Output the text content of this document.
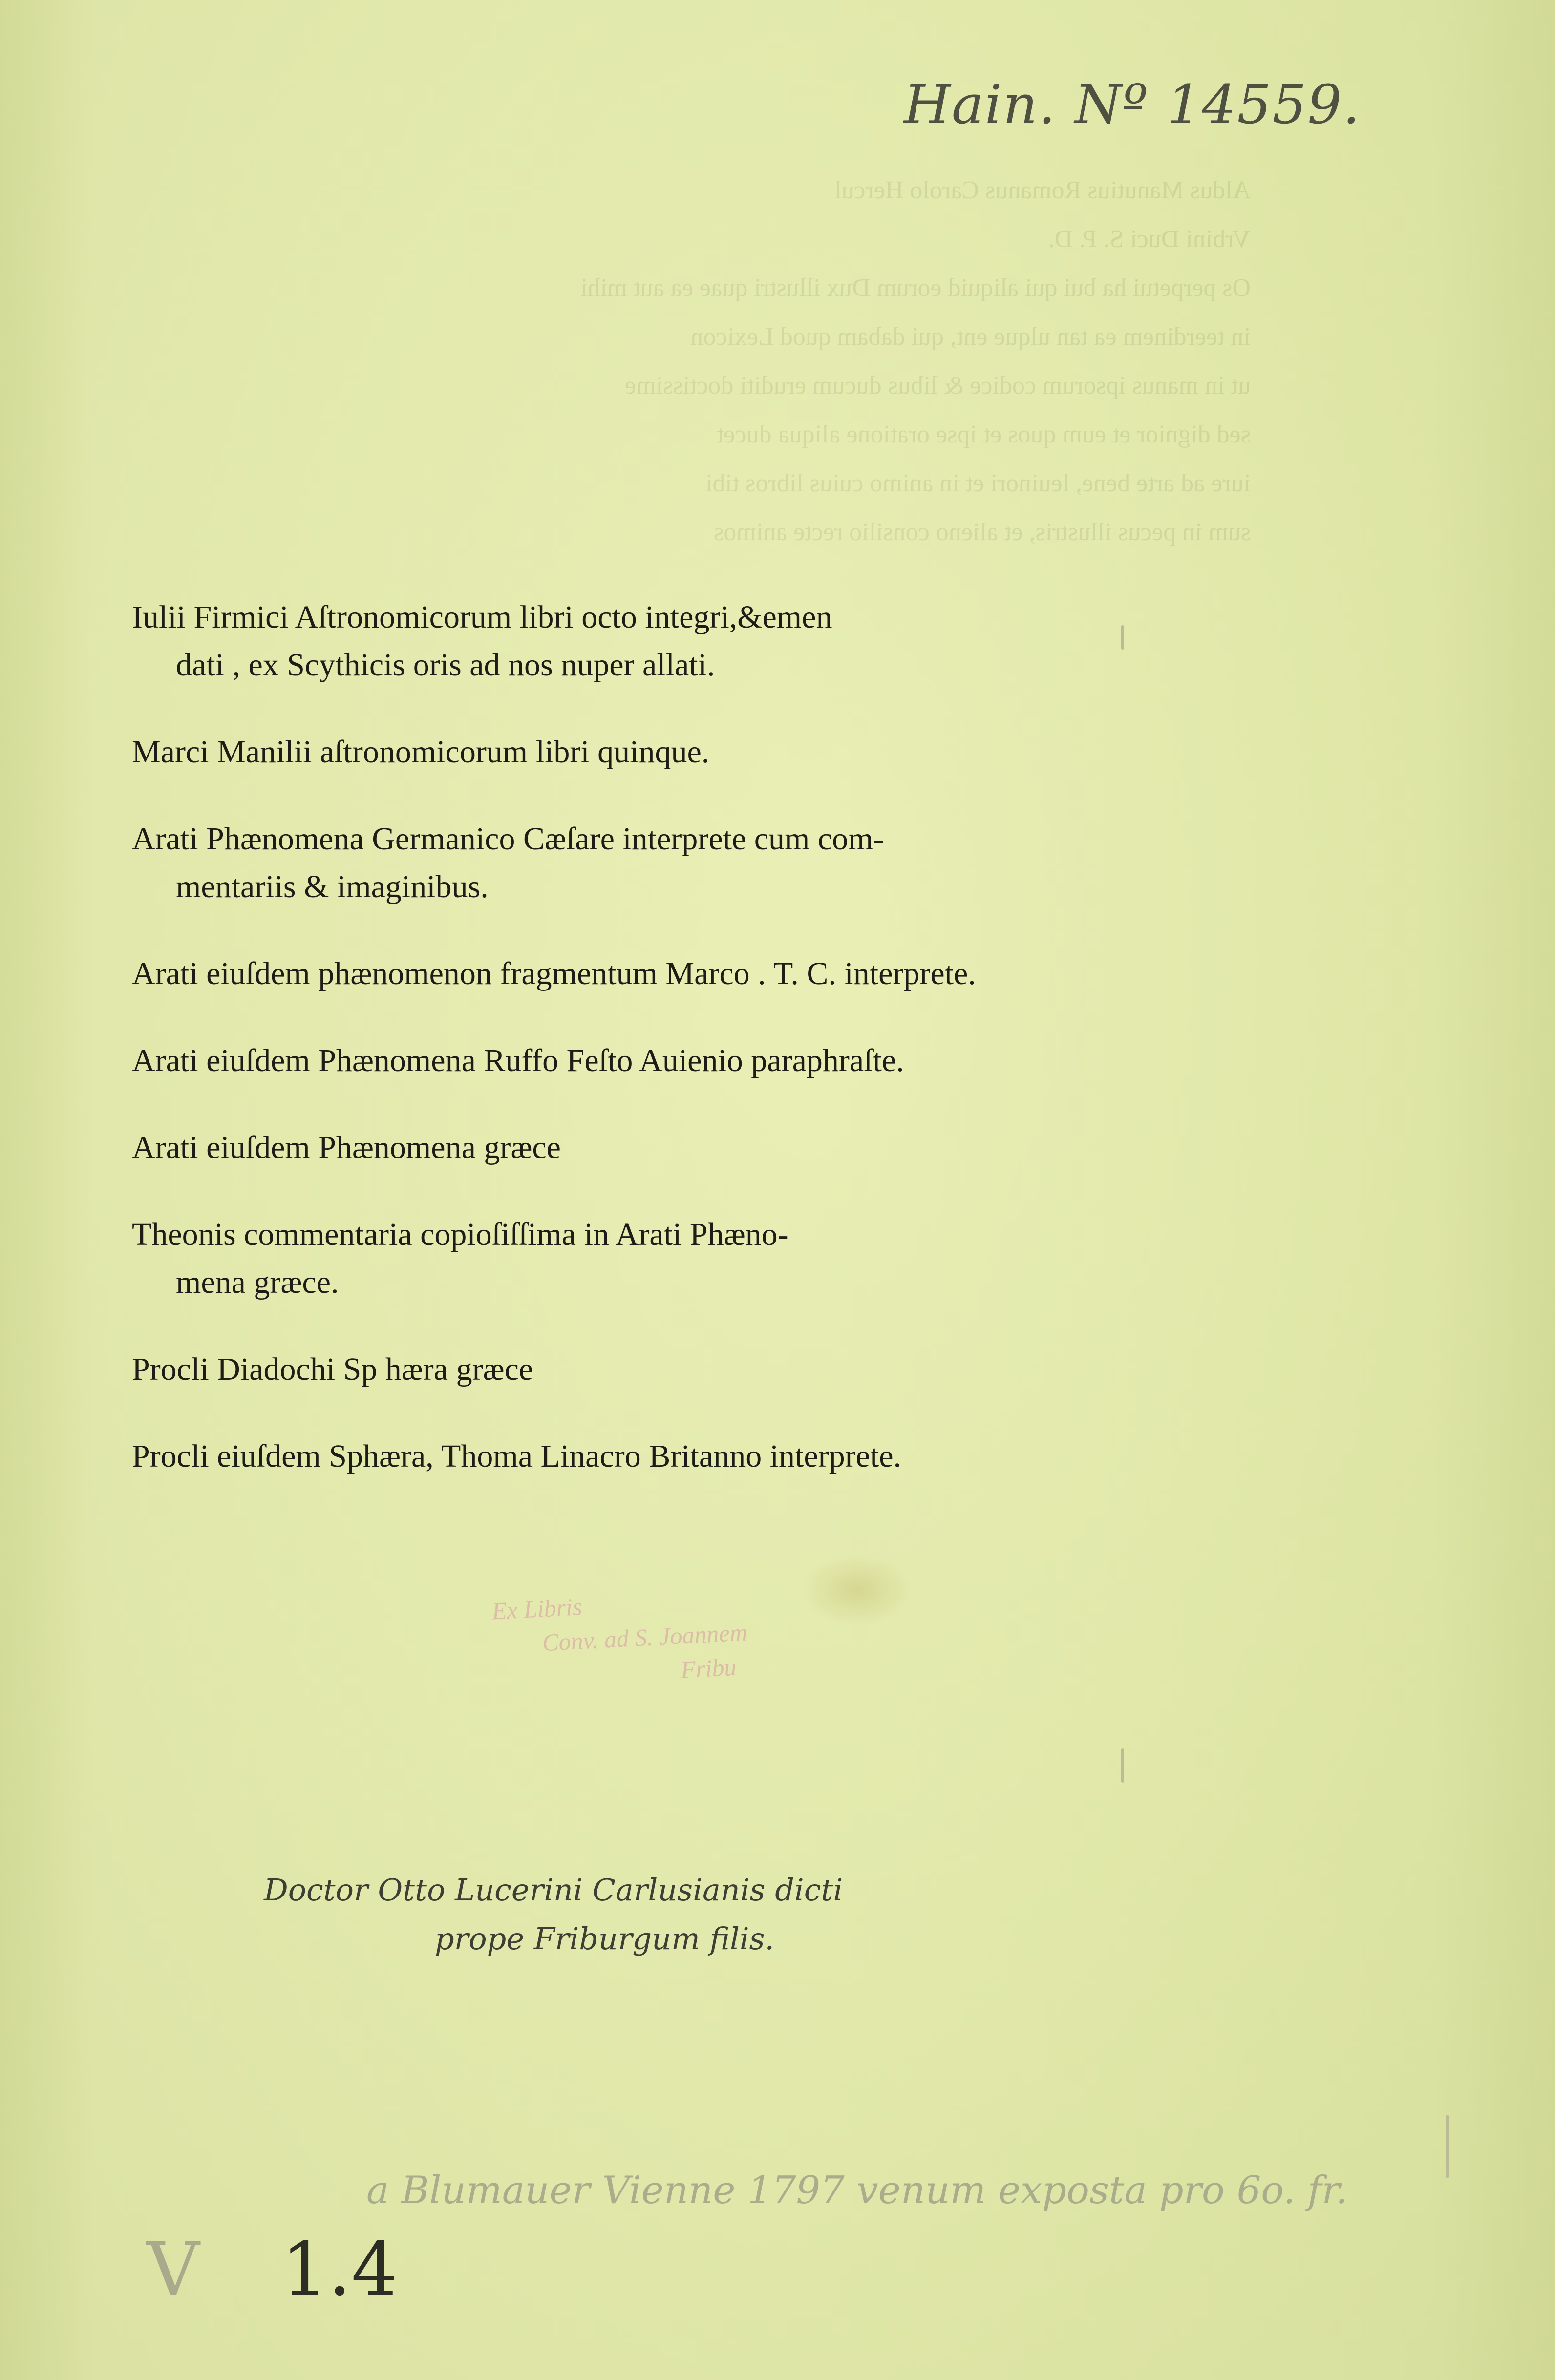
Aldus Manutius Romanus Carolo Hercul
Vrbini Duci S. P. D.
Os perpetui ha bui qui aliquid eorum Dux illustri quae ea aut mihi
in teerdinem ea tan ulque ent, qui dabam quod Lexicon
ut in manus ipsorum codice & libus ducum eruditi doctissime
sed dignior et eum quos et ipse oratione aliqua ducet
iure ad arte bene, leuinori et in animo cuius libros tibi
sum in pecus illustris, et alieno consilio recte animos
Hain. Nº 14559.
Iulii Firmici Aſtronomicorum libri octo integri,&emen
dati , ex Scythicis oris ad nos nuper allati.
Marci Manilii aſtronomicorum libri quinque.
Arati Phænomena Germanico Cæſare interprete cum com-
mentariis & imaginibus.
Arati eiuſdem phænomenon fragmentum Marco . T. C. interprete.
Arati eiuſdem Phænomena Ruffo Feſto Auienio paraphraſte.
Arati eiuſdem Phænomena græce
Theonis commentaria copioſiſſima in Arati Phæno-
mena græce.
Procli Diadochi Sp hæra græce
Procli eiuſdem Sphæra, Thoma Linacro Britanno interprete.
Ex Libris
Conv. ad S. Joannem
Fribu
Doctor Otto Lucerini Carlusianis dicti
prope Friburgum filis.
a Blumauer Vienne 1797 venum exposta pro 6o. fr.
V 1.4
